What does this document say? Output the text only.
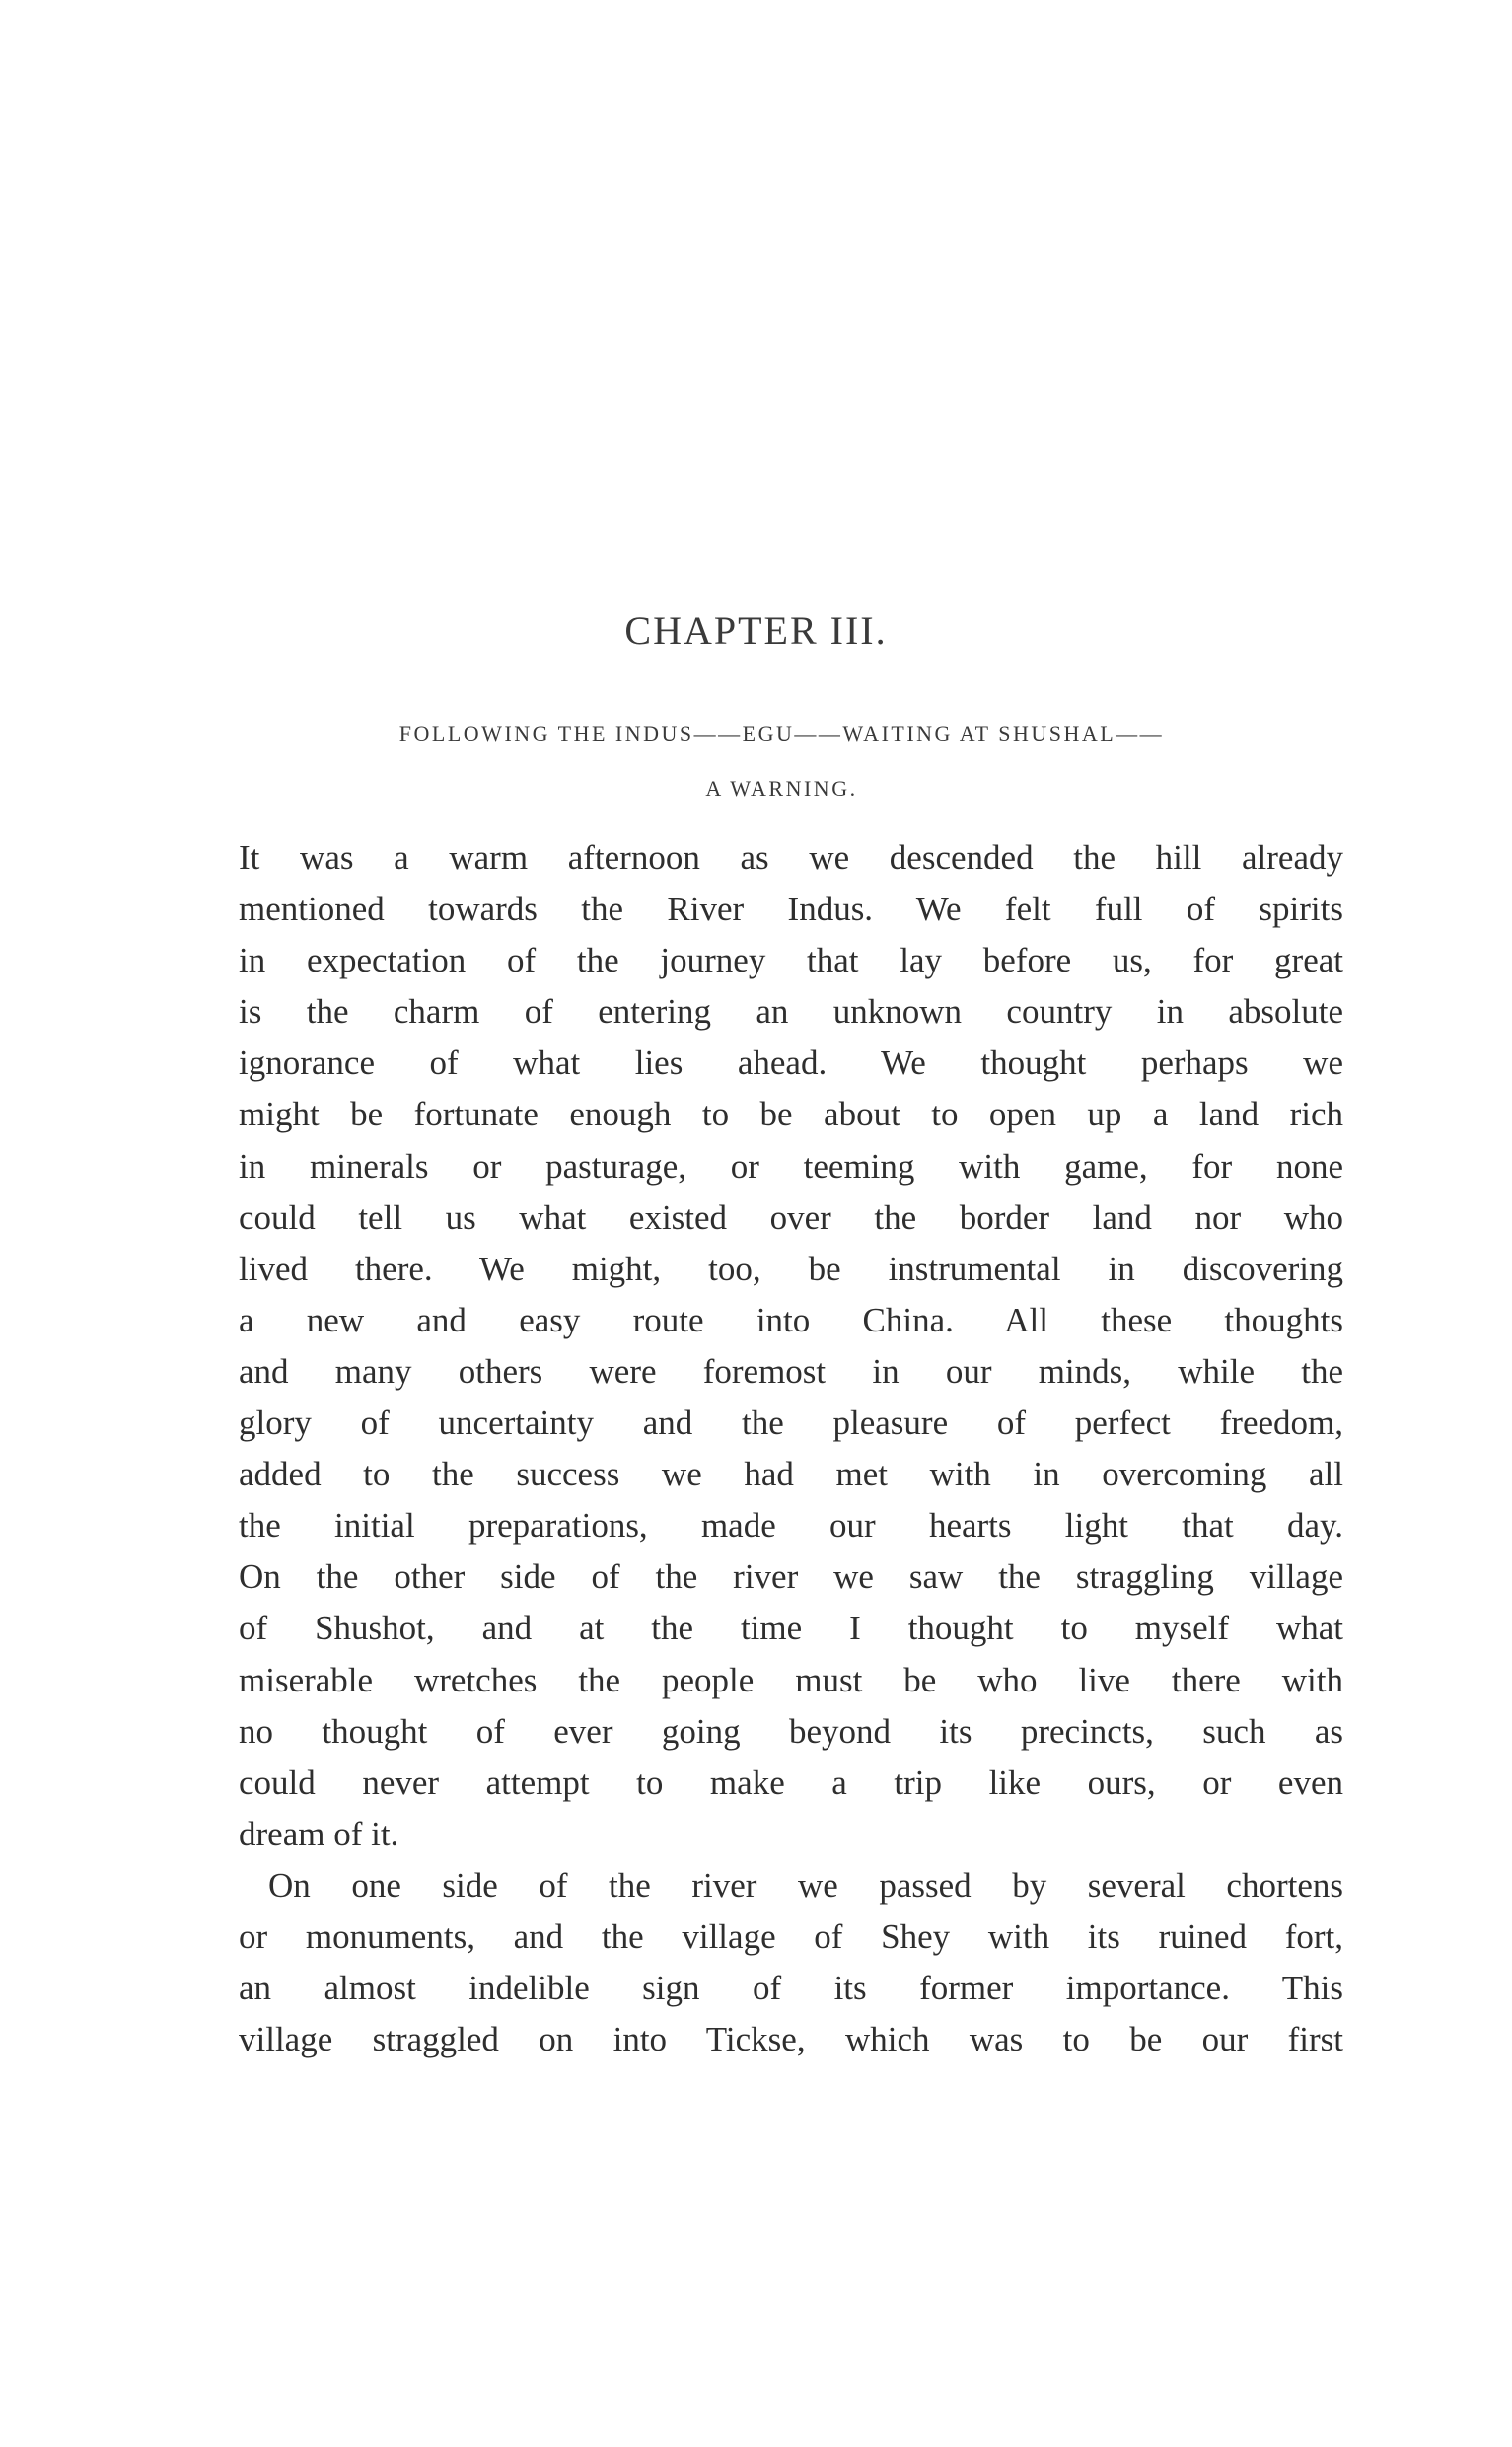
CHAPTER III.
FOLLOWING THE INDUS——EGU——WAITING AT SHUSHAL——
A WARNING.
It was a warm afternoon as we descended the hill already
mentioned towards the River Indus. We felt full of spirits
in expectation of the journey that lay before us, for great
is the charm of entering an unknown country in absolute
ignorance of what lies ahead. We thought perhaps we
might be fortunate enough to be about to open up a land rich
in minerals or pasturage, or teeming with game, for none
could tell us what existed over the border land nor who
lived there. We might, too, be instrumental in discovering
a new and easy route into China. All these thoughts
and many others were foremost in our minds, while the
glory of uncertainty and the pleasure of perfect freedom,
added to the success we had met with in overcoming all
the initial preparations, made our hearts light that day.
On the other side of the river we saw the straggling village
of Shushot, and at the time I thought to myself what
miserable wretches the people must be who live there with
no thought of ever going beyond its precincts, such as
could never attempt to make a trip like ours, or even
dream of it.
On one side of the river we passed by several chortens
or monuments, and the village of Shey with its ruined fort,
an almost indelible sign of its former importance. This
village straggled on into Tickse, which was to be our first
